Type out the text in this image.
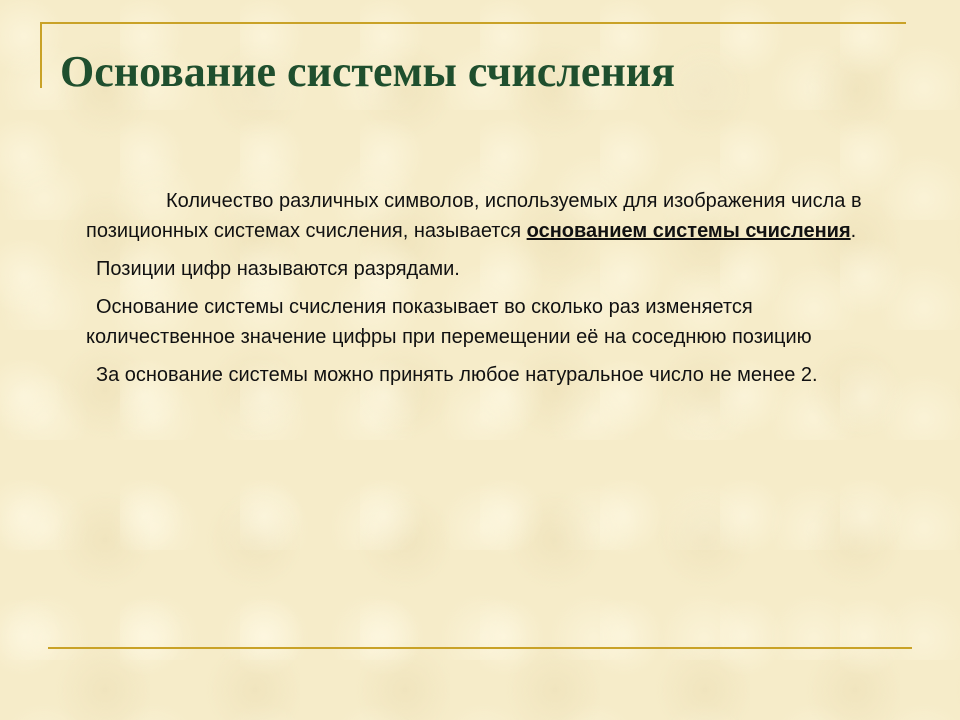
Основание системы счисления

Количество различных символов, используемых для изображения числа в позиционных системах счисления, называется основанием системы счисления.

Позиции цифр называются разрядами.

Основание системы счисления показывает во сколько раз изменяется количественное значение цифры при перемещении её на соседнюю позицию

За основание системы можно принять любое натуральное число не менее 2.
